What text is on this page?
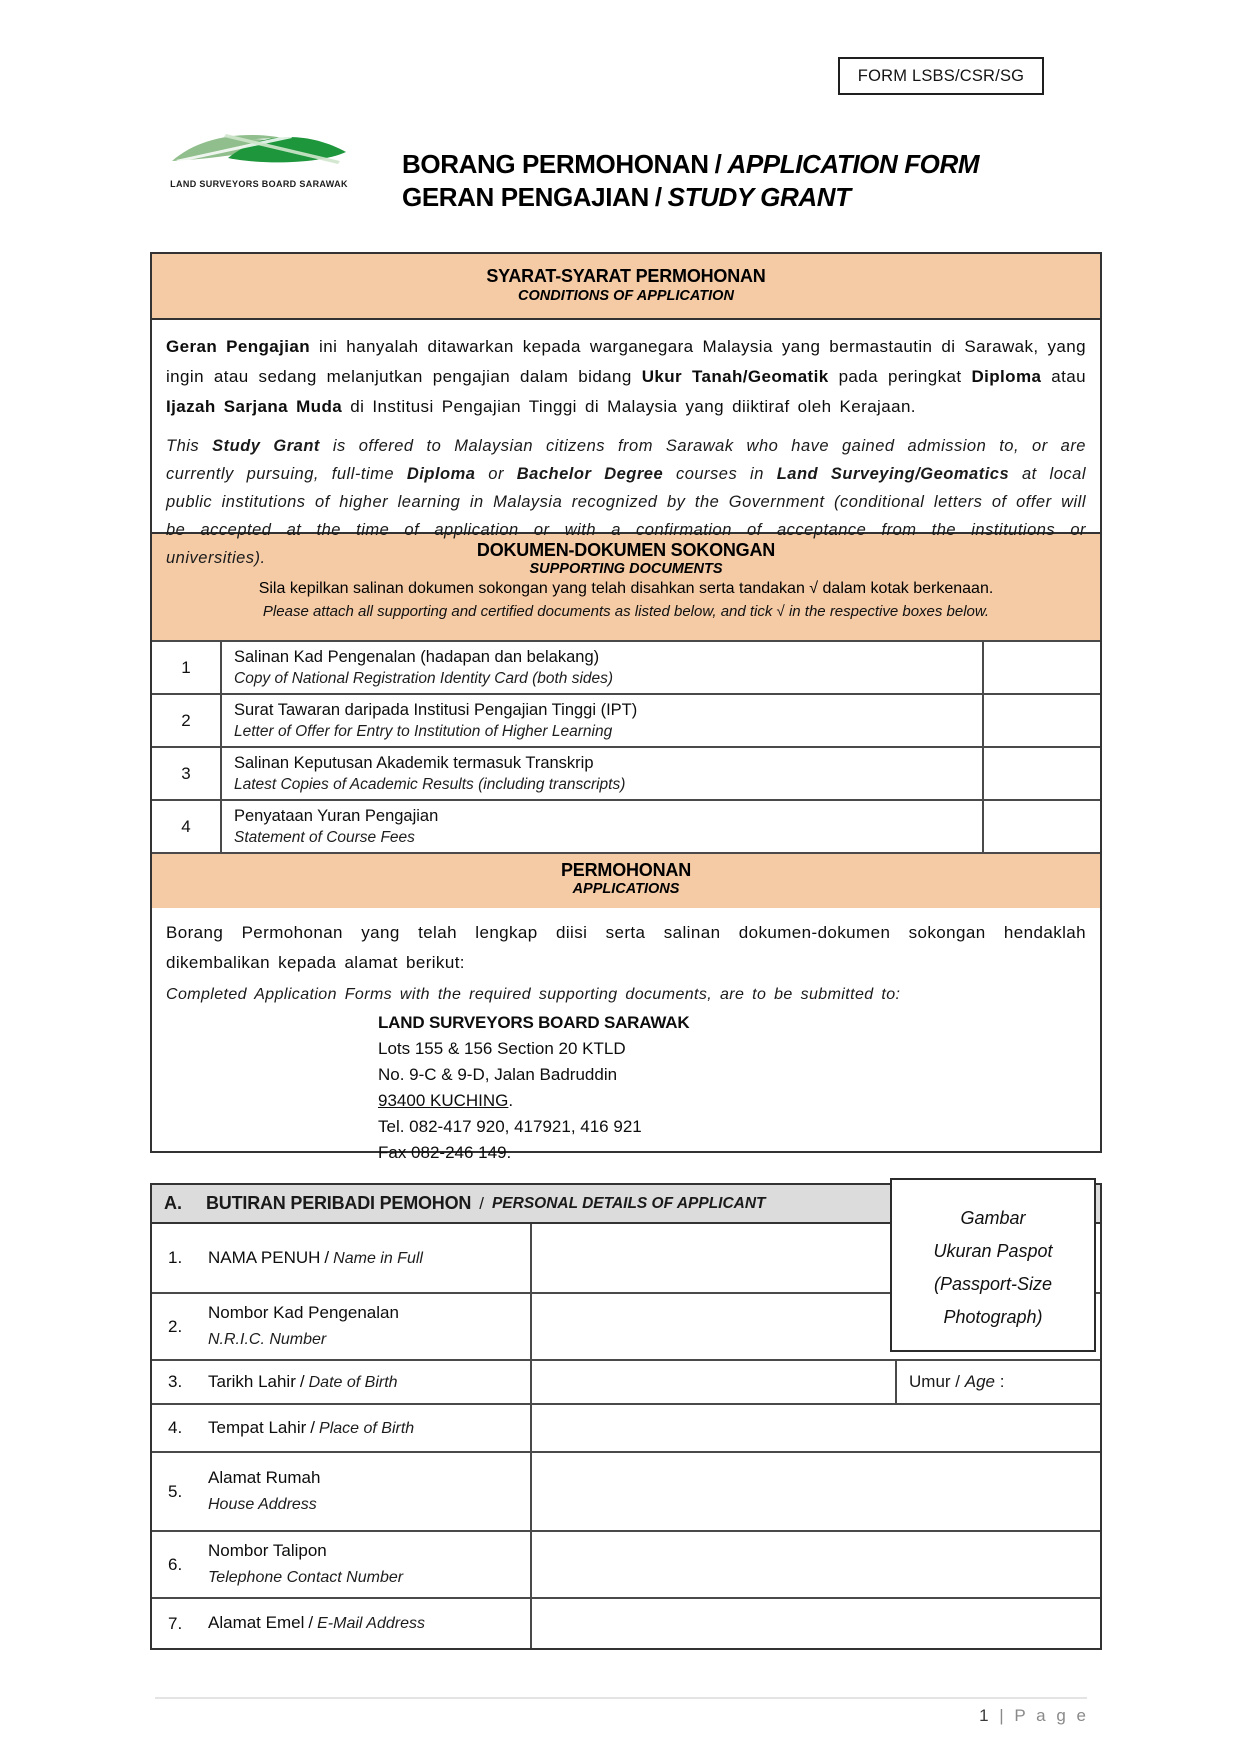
FORM LSBS/CSR/SG
LAND SURVEYORS BOARD SARAWAK
BORANG PERMOHONAN / APPLICATION FORM
GERAN PENGAJIAN / STUDY GRANT
SYARAT-SYARAT PERMOHONAN
CONDITIONS OF APPLICATION

Geran Pengajian ini hanyalah ditawarkan kepada warganegara Malaysia yang bermastautin di Sarawak, yang ingin atau sedang melanjutkan pengajian dalam bidang Ukur Tanah/Geomatik pada peringkat Diploma atau Ijazah Sarjana Muda di Institusi Pengajian Tinggi di Malaysia yang diiktiraf oleh Kerajaan.

This Study Grant is offered to Malaysian citizens from Sarawak who have gained admission to, or are currently pursuing, full-time Diploma or Bachelor Degree courses in Land Surveying/Geomatics at local public institutions of higher learning in Malaysia recognized by the Government (conditional letters of offer will be accepted at the time of application or with a confirmation of acceptance from the institutions or universities).	DOKUMEN-DOKUMEN SOKONGAN
SUPPORTING DOCUMENTS
Sila kepilkan salinan dokumen sokongan yang telah disahkan serta tandakan √ dalam kotak berkenaan.
Please attach all supporting and certified documents as listed below, and tick √ in the respective boxes below.
1
Salinan Kad Pengenalan (hadapan dan belakang)
Copy of National Registration Identity Card (both sides)
2
Surat Tawaran daripada Institusi Pengajian Tinggi (IPT)
Letter of Offer for Entry to Institution of Higher Learning
3
Salinan Keputusan Akademik termasuk Transkrip
Latest Copies of Academic Results (including transcripts)
4
Penyataan Yuran Pengajian
Statement of Course Fees
PERMOHONAN
APPLICATIONS

Borang Permohonan yang telah lengkap diisi serta salinan dokumen-dokumen sokongan hendaklah dikembalikan kepada alamat berikut:

Completed Application Forms with the required supporting documents, are to be submitted to:

LAND SURVEYORS BOARD SARAWAK
Lots 155 & 156 Section 20 KTLD
No. 9-C & 9-D, Jalan Badruddin
93400 KUCHING.
Tel. 082-417 920, 417921, 416 921
Fax 082-246 149.
A. BUTIRAN PERIBADI PEMOHON / PERSONAL DETAILS OF APPLICANT
1.	NAMA PENUH / Name in Full
2.
Nombor Kad Pengenalan
N.R.I.C. Number
3.	Tarikh Lahir / Date of Birth	Umur
/
Age
:
4.	Tempat Lahir / Place of Birth
5.
Alamat Rumah
House Address
6.
Nombor Talipon
Telephone Contact Number
7.	Alamat Emel / E-Mail Address
Gambar
Ukuran Paspot
(Passport-Size
Photograph)
1 | P a g e
